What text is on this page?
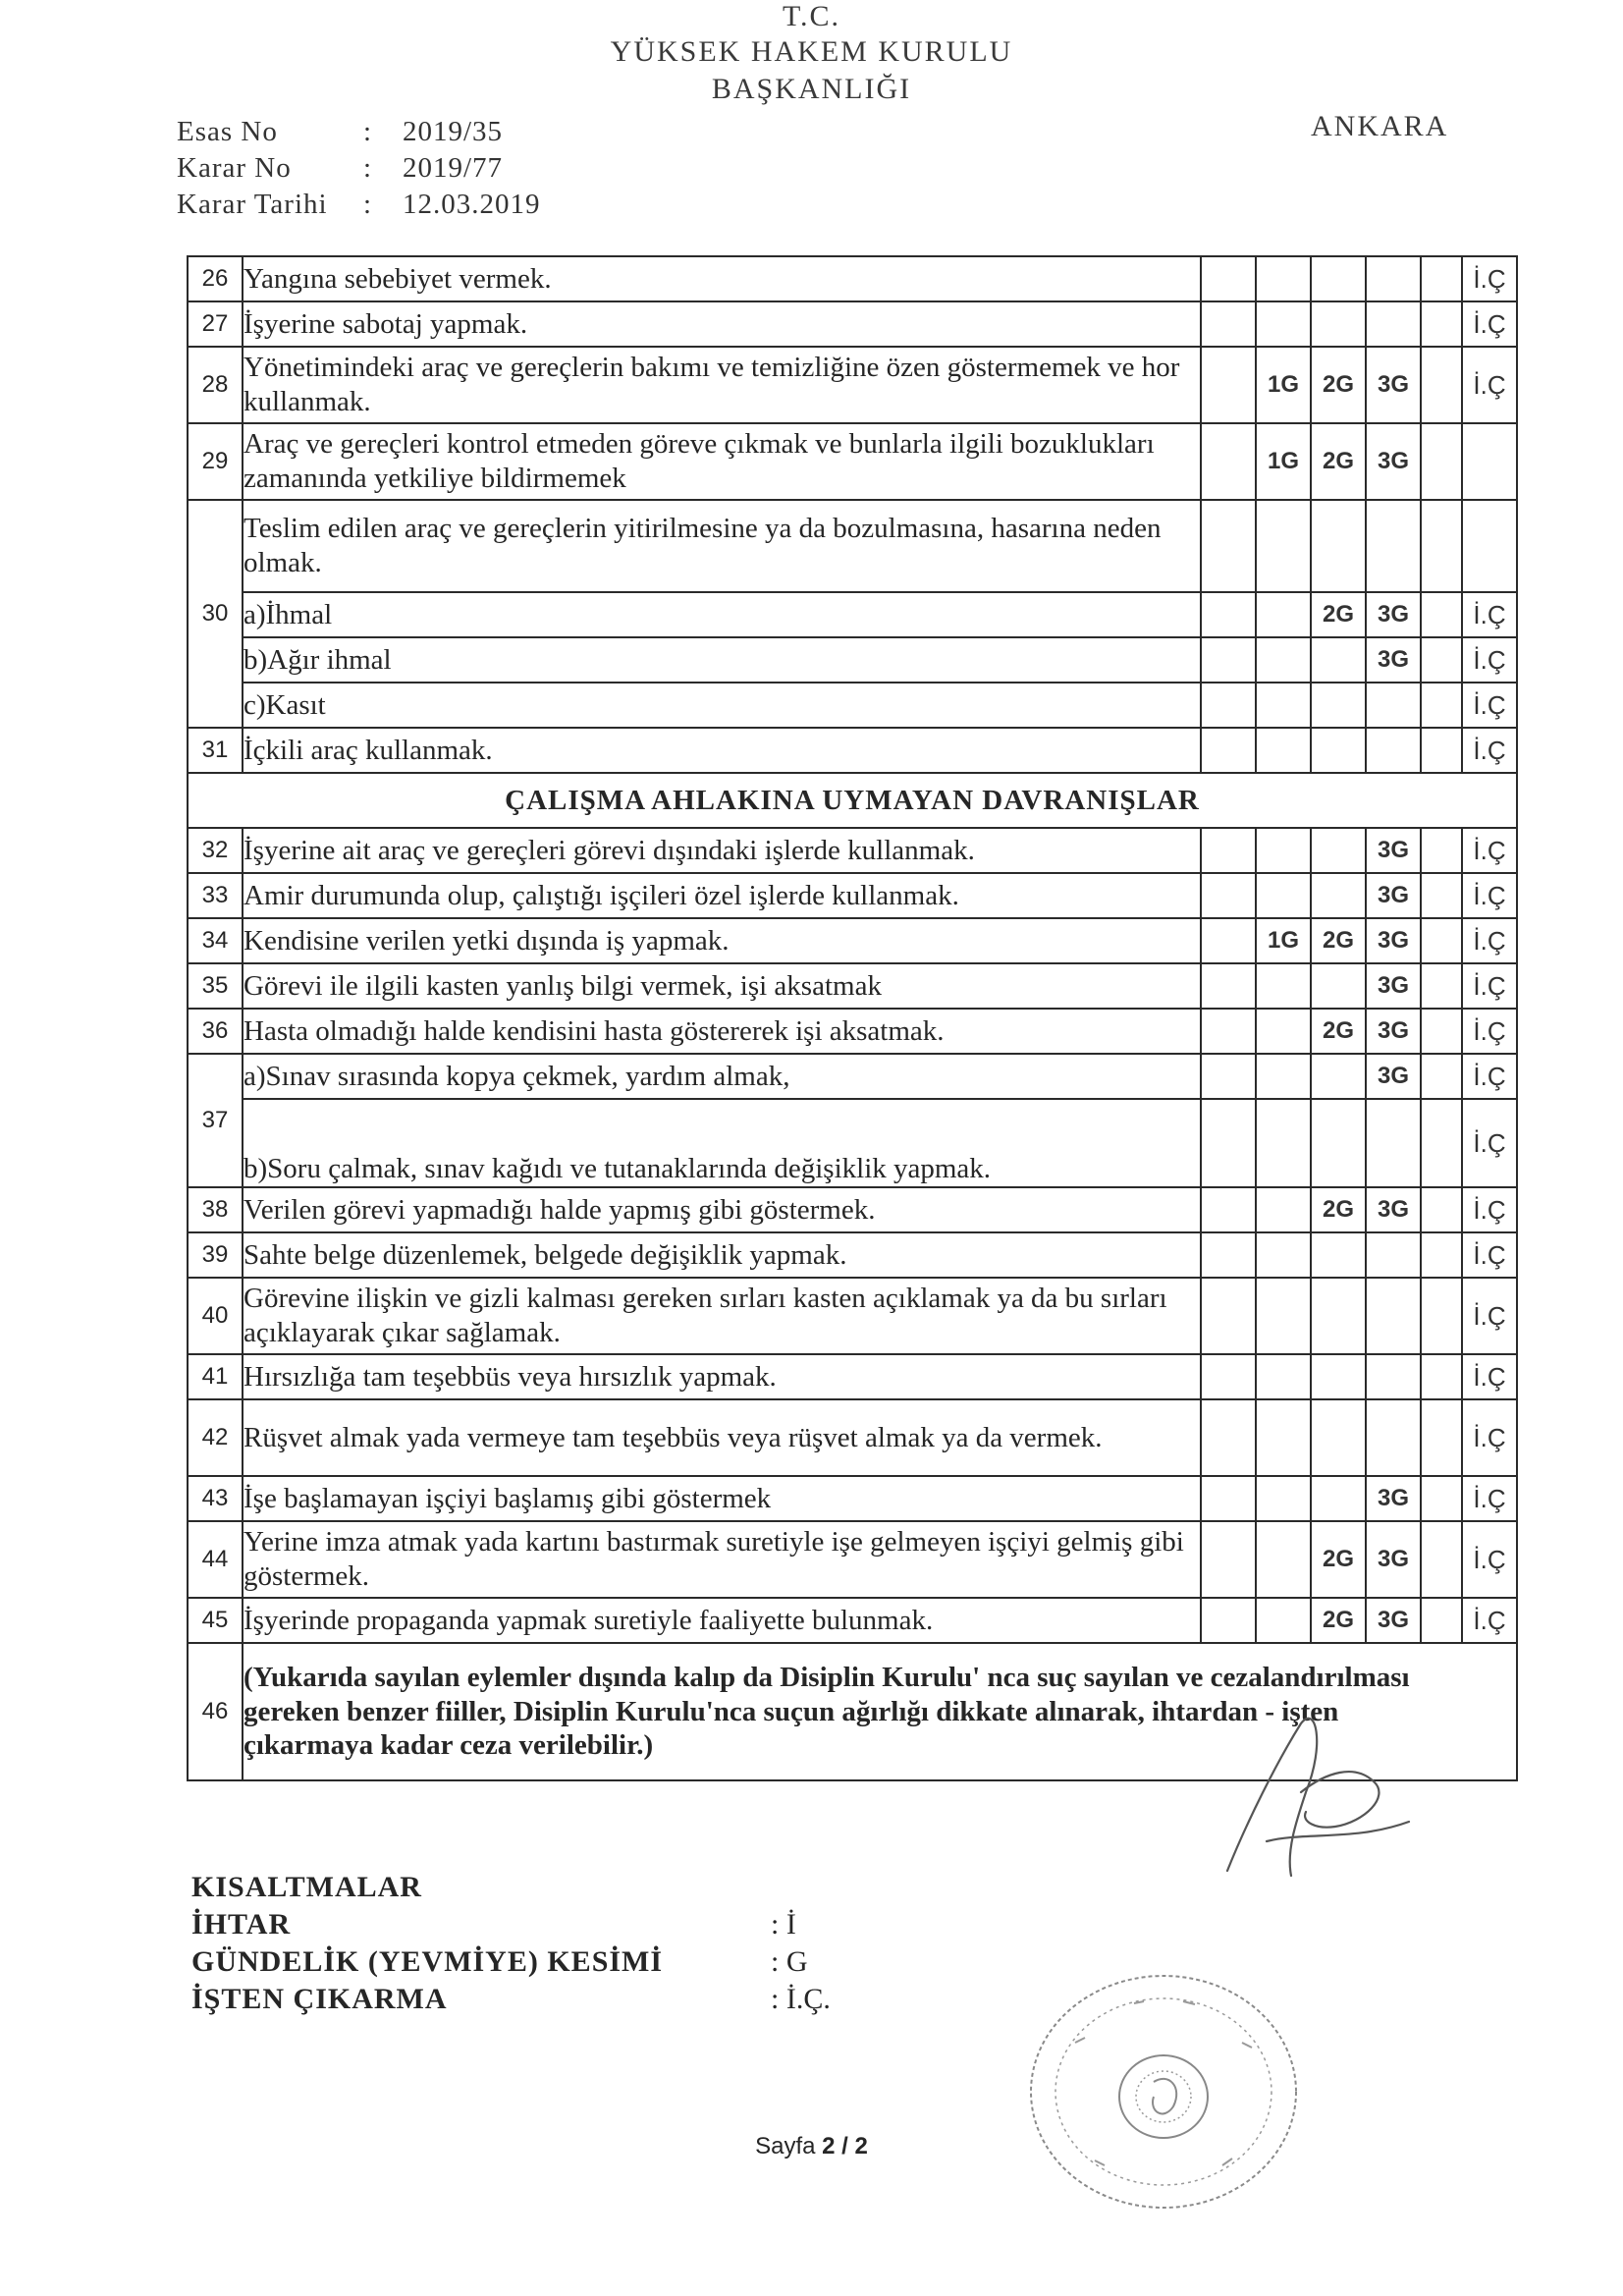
T.C.
YÜKSEK HAKEM KURULU
BAŞKANLIĞI
ANKARA
Esas No	: 2019/35
Karar No	: 2019/77
Karar Tarihi : 12.03.2019
26	Yangına sebebiyet vermek.						İ.Ç
27	İşyerine sabotaj yapmak.						İ.Ç
28	Yönetimindeki araç ve gereçlerin bakımı ve temizliğine özen göstermemek ve hor kullanmak.		1G	2G	3G		İ.Ç
29	Araç ve gereçleri kontrol etmeden göreve çıkmak ve bunlarla ilgili bozuklukları zamanında yetkiliye bildirmemek		1G	2G	3G		
30	Teslim edilen araç ve gereçlerin yitirilmesine ya da bozulmasına, hasarına neden olmak.						
	a)İhmal			2G	3G		İ.Ç
	b)Ağır ihmal				3G		İ.Ç
	c)Kasıt						İ.Ç
31	İçkili araç kullanmak.						İ.Ç
ÇALIŞMA AHLAKINA UYMAYAN DAVRANIŞLAR							
32	İşyerine ait araç ve gereçleri görevi dışındaki işlerde kullanmak.				3G		İ.Ç
33	Amir durumunda olup, çalıştığı işçileri özel işlerde kullanmak.				3G		İ.Ç
34	Kendisine verilen yetki dışında iş yapmak.		1G	2G	3G		İ.Ç
35	Görevi ile ilgili kasten yanlış bilgi vermek, işi aksatmak				3G		İ.Ç
36	Hasta olmadığı halde kendisini hasta göstererek işi aksatmak.			2G	3G		İ.Ç
37	a)Sınav sırasında kopya çekmek, yardım almak,				3G		İ.Ç
	b)Soru çalmak, sınav kağıdı ve tutanaklarında değişiklik yapmak.						İ.Ç
38	Verilen görevi yapmadığı halde yapmış gibi göstermek.			2G	3G		İ.Ç
39	Sahte belge düzenlemek, belgede değişiklik yapmak.						İ.Ç
40	Görevine ilişkin ve gizli kalması gereken sırları kasten açıklamak ya da bu sırları açıklayarak çıkar sağlamak.						İ.Ç
41	Hırsızlığa tam teşebbüs veya hırsızlık yapmak.						İ.Ç
42	Rüşvet almak yada vermeye tam teşebbüs veya rüşvet almak ya da vermek.						İ.Ç
43	İşe başlamayan işçiyi başlamış gibi göstermek				3G		İ.Ç
44	Yerine imza atmak yada kartını bastırmak suretiyle işe gelmeyen işçiyi gelmiş gibi göstermek.			2G	3G		İ.Ç
45	İşyerinde propaganda yapmak suretiyle faaliyette bulunmak.			2G	3G		İ.Ç
46	(Yukarıda sayılan eylemler dışında kalıp da Disiplin Kurulu' nca suç sayılan ve cezalandırılması gereken benzer fiiller, Disiplin Kurulu'nca suçun ağırlığı dikkate alınarak, ihtardan - işten çıkarmaya kadar ceza verilebilir.)						
KISALTMALAR
İHTAR	: İ
GÜNDELİK (YEVMİYE) KESİMİ	: G
İŞTEN ÇIKARMA	: İ.Ç.
Sayfa 2 / 2
